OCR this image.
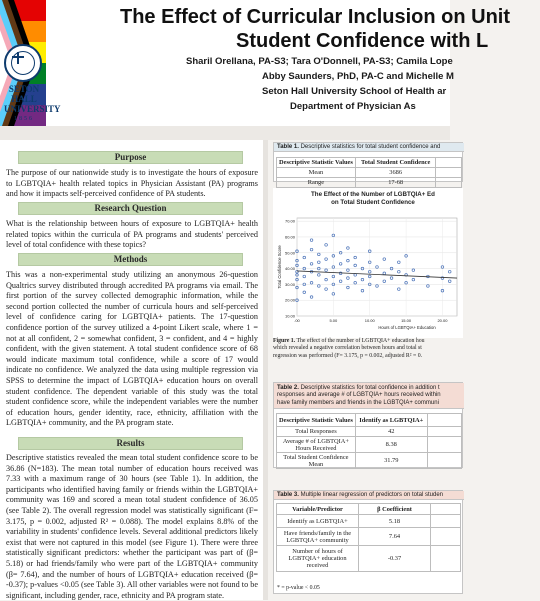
SETON HALL UNIVERSITY
1856
The Effect of Curricular Inclusion on Unit
Student Confidence with L
Sharil Orellana, PA-S3; Tara O'Donnell, PA-S3; Camila Lope
Abby Saunders, PhD, PA-C and Michelle M
Seton Hall University School of Health ar
Department of Physician As
Purpose
The purpose of our nationwide study is to investigate the hours of exposure to LGBTQIA+ health related topics in Physician Assistant (PA) programs and how it impacts self-perceived confidence of PA students.
Research Question
What is the relationship between hours of exposure to LGBTQIA+ health related topics within the curricula of PA programs and students' perceived level of total confidence with these topics?
Methods
This was a non-experimental study utilizing an anonymous 26-question Qualtrics survey distributed through accredited PA programs via email. The first portion of the survey collected demographic information, while the second portion collected the number of curricula hours and self-perceived level of confidence caring for LGBTQIA+ patients. The 17-question confidence portion of the survey utilized a 4-point Likert scale, where 1 = not at all confident, 2 = somewhat confident, 3 = confident, and 4 = highly confident, with the given statement. A total student confidence score of 68 would indicate maximum total confidence, while a score of 17 would indicate no confidence. We analyzed the data using multiple regression via SPSS to determine the impact of LGBTQIA+ education hours on overall student confidence. The dependent variable of this study was the total student confidence score, while the independent variables were the number of education hours, gender identity, race, ethnicity, affiliation with the LGBTQIA+ community, and the PA program state.
Results
Descriptive statistics revealed the mean total student confidence score to be 36.86 (N=183). The mean total number of education hours received was 7.33 with a maximum range of 30 hours (see Table 1). In addition, the participants who identified having family or friends within the LGBTQIA+ community was 169 and scored a mean total student confidence of 36.05 (see Table 2). The overall regression model was statistically significant (F= 3.175, p = 0.002, adjusted R² = 0.088). The model explains 8.8% of the variability in students' confidence levels. Several additional predictors likely exist that were not captured in this model (see Figure 1). There were three statistically significant predictors: whether the participant was part of (β= 5.18) or had friends/family who were part of the LGBTQIA+ community (β= 7.64), and the number of hours of LGBTQIA+ education received (β= -0.37); p-values <0.05 (see Table 3). All other variables were not found to be significant, including gender, race, ethnicity and PA program state.
Table 1. Descriptive statistics for total student confidence and
Descriptive Statistic Values	Total Student Confidence	
Mean	3686	
Range	17-68	
The Effect of the Number of LGBTQIA+ Ed
on Total Student Confidence
70.00
60.00
50.00
40.00
30.00
20.00
10.00
.00	5.00	10.00	15.00	20.00
Hours of LGBTQIA+ Education
Total Confidence Score
Figure 1. The effect of the number of LGBTQIA+ education hou
which revealed a negative correlation between hours and total st
regression was performed (F= 3.175, p = 0.002, adjusted R² = 0.
Table 2. Descriptive statistics for total confidence in addition t
responses and average # of LGBTQIA+ hours received within
have family members and friends in the LGBTQIA+ communi
Descriptive Statistic Values	Identify as LGBTQIA+	
Total Responses	42	
Average # of LGBTQIA+ Hours Received	8.38	
Total Student Confidence Mean	31.79	
Table 3. Multiple linear regression of predictors on total studen
Variable/Predictor	β Coefficient	
Identify as LGBTQIA+	5.18	
Have friends/family in the LGBTQIA+ community	7.64	
Number of hours of LGBTQIA+ education received	-0.37	
* = p-value < 0.05
